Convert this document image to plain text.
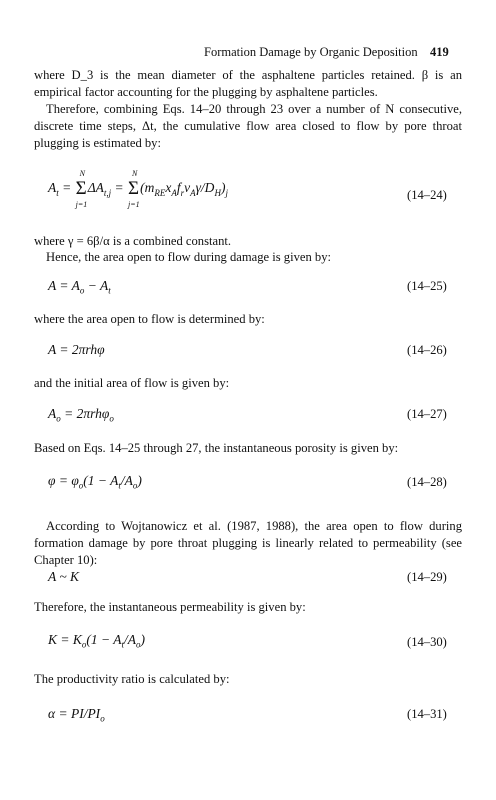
Formation Damage by Organic Deposition 419
where D_3 is the mean diameter of the asphaltene particles retained. β is an empirical factor accounting for the plugging by asphaltene particles.
Therefore, combining Eqs. 14–20 through 23 over a number of N consecutive, discrete time steps, Δt, the cumulative flow area closed to flow by pore throat plugging is estimated by:
$A_t = \Sigma$
N
j=1
$\Delta A_{t,j} = \Sigma$
N
j=1
$(m_{RE}x_Af_rv_A\gamma/D_H)_j$	(14–24)
where γ = 6β/α is a combined constant.
Hence, the area open to flow during damage is given by:
$A = A_o - A_t$	(14–25)
where the area open to flow is determined by:
A = 2πrhφ	(14–26)
and the initial area of flow is given by:
$A_o = 2\pi rh\varphi_o$	(14–27)
Based on Eqs. 14–25 through 27, the instantaneous porosity is given by:
$\varphi = \varphi_o(1 - A_t/A_o)$	(14–28)
According to Wojtanowicz et al. (1987, 1988), the area open to flow during formation damage by pore throat plugging is linearly related to permeability (see Chapter 10):
A ~ K	(14–29)
Therefore, the instantaneous permeability is given by:
$K = K_o(1 - A_t/A_o)$	(14–30)
The productivity ratio is calculated by:
$\alpha = PI/PI_o$	(14–31)
